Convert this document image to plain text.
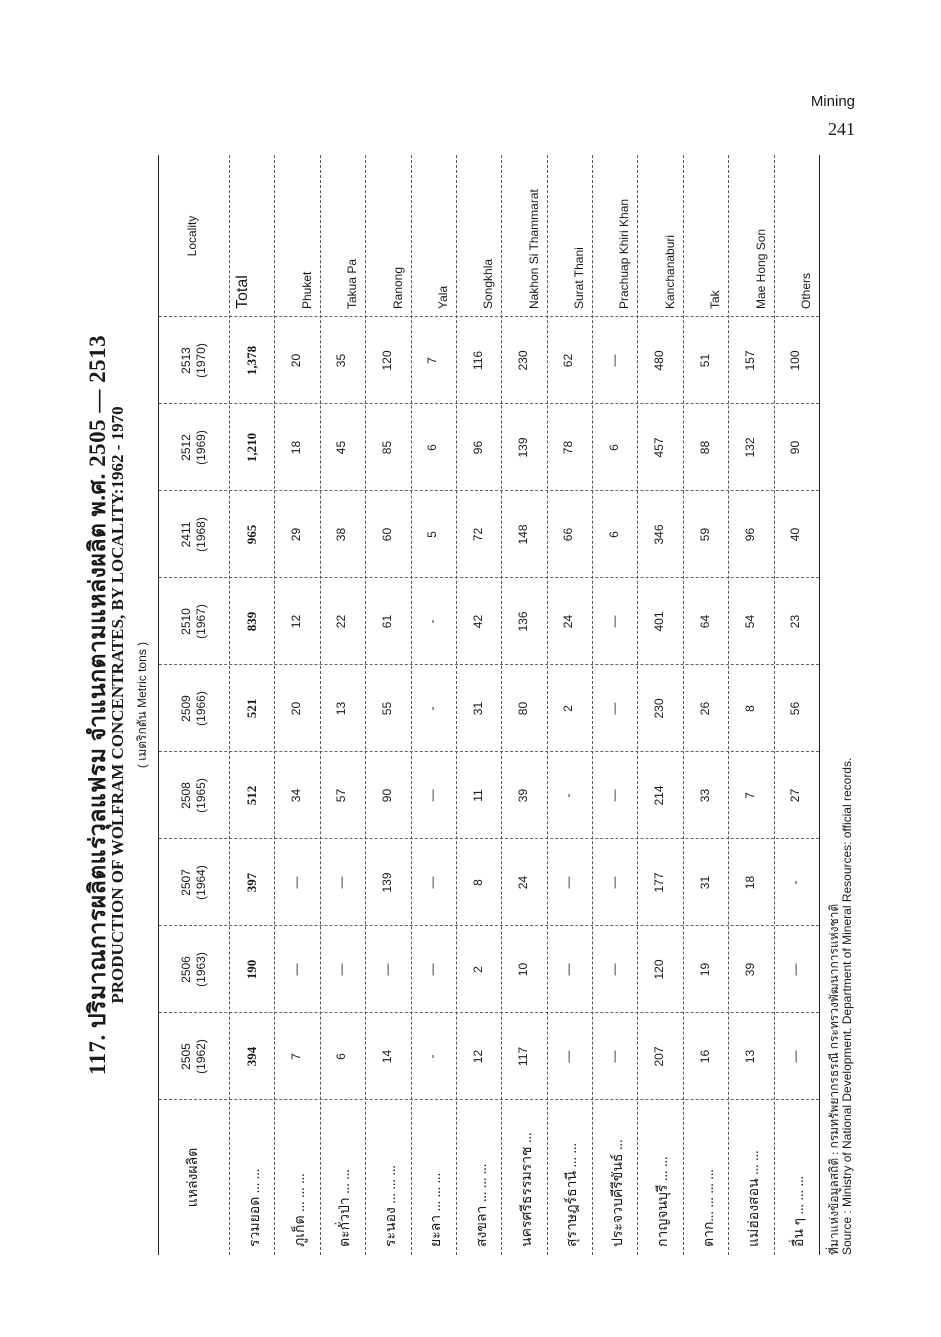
Mining
241
117. ปริมาณการผลิตแร่วุลแฟรม จำแนกตามแหล่งผลิต พ.ศ. 2505 — 2513
PRODUCTION OF WOLFRAM CONCENTRATES, BY LOCALITY:1962 - 1970 ( เมตริกตัน Metric tons )
แหล่งผลิต
2505 (1962)
2506 (1963)
2507 (1964)
2508 (1965)
2509 (1966)
2510 (1967)
2411 (1968)
2512 (1969)
2513 (1970)
Locality
รวมยอด ... ...
394
190
397
512
521
839
965
1,210
1,378
Total
ภูเก็ต ... ... ...
7
—
—
34
20
12
29
18
20
Phuket
ตะกั่วป่า ... ...
6
—
—
57
13
22
38
45
35
Takua Pa
ระนอง ... ... ...
14
—
139
90
55
61
60
85
120
Ranong
ยะลา ... ... ...
-
—
—
—
-
-
5
6
7
Yala
สงขลา ... ... ...
12
2
8
11
31
42
72
96
116
Songkhla
นครศรีธรรมราช ...
117
10
24
39
80
136
148
139
230
Nakhon Si Thammarat
สุราษฎร์ธานี ... ...
—
—
—
-
2
24
66
78
62
Surat Thani
ประจวบคีรีขันธ์ ...
—
—
—
—
—
—
6
6
—
Prachuap Khiri Khan
กาญจนบุรี ... ...
207
120
177
214
230
401
346
457
480
Kanchanaburi
ตาก... ... ... ...
16
19
31
33
26
64
59
88
51
Tak
แม่ฮ่องสอน ... ...
13
39
18
7
8
54
96
132
157
Mae Hong Son
อื่น ๆ ... ... ...
—
—
-
27
56
23
40
90
100
Others
ที่มาแห่งข้อมูลสถิติ : กรมทรัพยากรธรณี กระทรวงพัฒนาการแห่งชาติ Source : Ministry of National Development. Department of Mineral Resources: official records.
